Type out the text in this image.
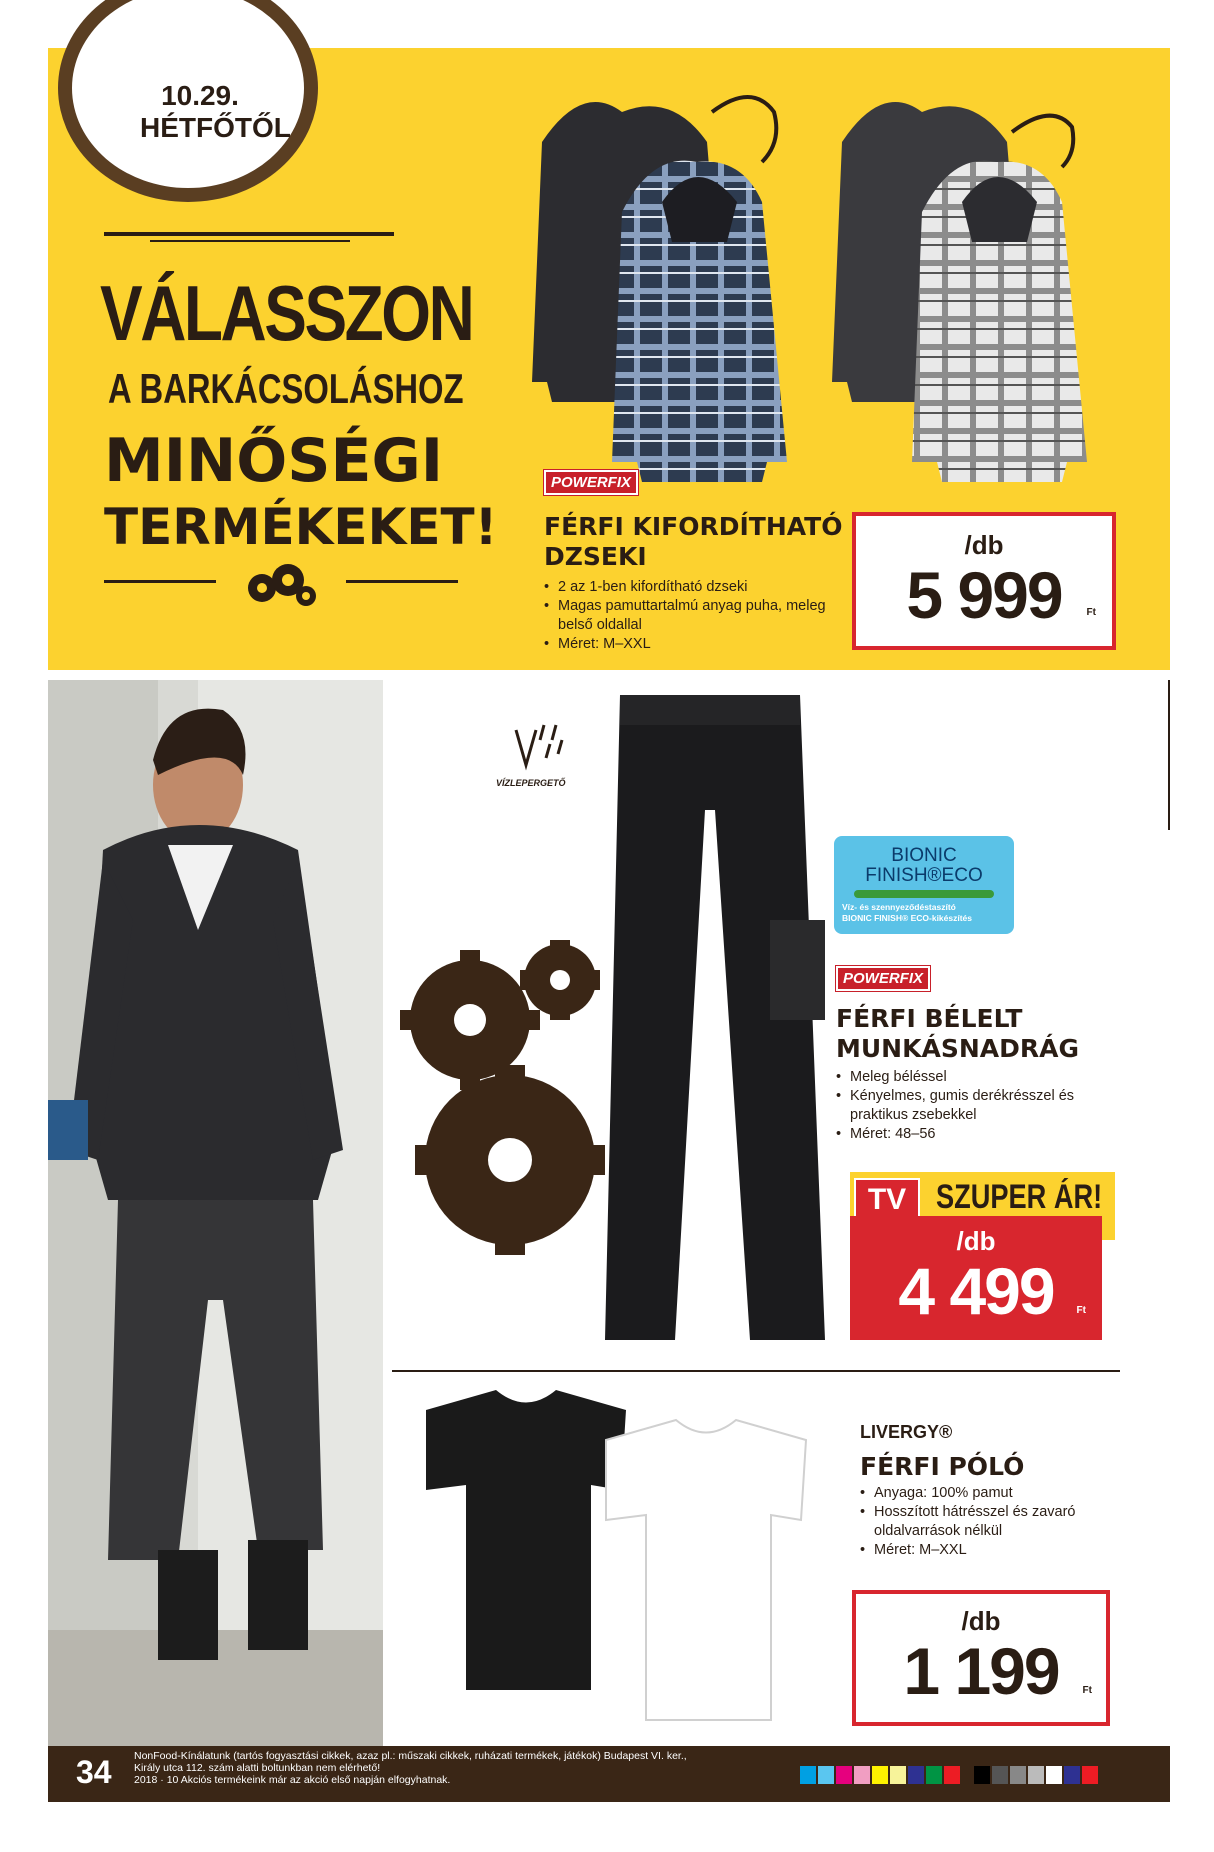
10.29.
HÉTFŐTŐL
VÁLASSZON
A BARKÁCSOLÁSHOZ
MINŐSÉGI
TERMÉKEKET!
POWERFIX
FÉRFI KIFORDÍTHATÓ
DZSEKI
• 2 az 1-ben kifordítható dzseki
• Magas pamuttartalmú anyag puha, meleg belső oldallal
• Méret: M–XXL
/db
5 999	Ft
VÍZLEPERGETŐ
BIONIC FINISH®ECO
Víz- és szennyeződéstaszító
BIONIC FINISH® ECO-kikészítés
POWERFIX
FÉRFI BÉLELT
MUNKÁSNADRÁG
• Meleg béléssel
• Kényelmes, gumis derékrésszel és praktikus zsebekkel
• Méret: 48–56
TV SZUPER ÁR!
/db
4 499	Ft
LIVERGY®
FÉRFI PÓLÓ
• Anyaga: 100% pamut
• Hosszított hátrésszel és zavaró oldalvarrások nélkül
• Méret: M–XXL
/db
1 199	Ft
34 NonFood-Kínálatunk (tartós fogyasztási cikkek, azaz pl.: műszaki cikkek, ruházati termékek, játékok) Budapest VI. ker.,
Király utca 112. szám alatti boltunkban nem elérhető!
2018 · 10 Akciós termékeink már az akció első napján elfogyhatnak.
